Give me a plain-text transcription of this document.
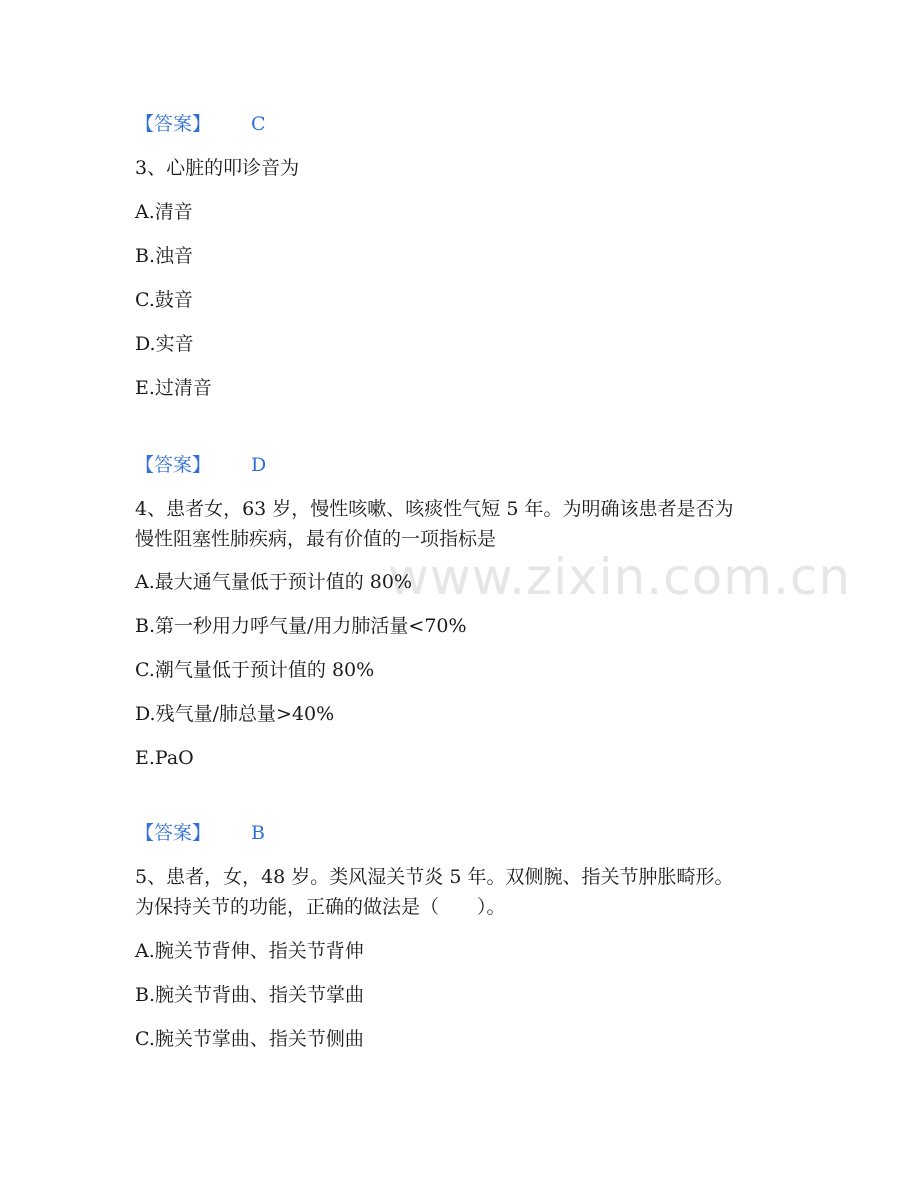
www.zixin.com.cn
【答案】 C
3、心脏的叩诊音为
A.清音
B.浊音
C.鼓音
D.实音
E.过清音
【答案】 D
4、患者女，63 岁，慢性咳嗽、咳痰性气短 5 年。为明确该患者是否为
慢性阻塞性肺疾病，最有价值的一项指标是
A.最大通气量低于预计值的 80%
B.第一秒用力呼气量/用力肺活量<70%
C.潮气量低于预计值的 80%
D.残气量/肺总量>40%
E.PaO
【答案】 B
5、患者，女，48 岁。类风湿关节炎 5 年。双侧腕、指关节肿胀畸形。
为保持关节的功能，正确的做法是（　　）。
A.腕关节背伸、指关节背伸
B.腕关节背曲、指关节掌曲
C.腕关节掌曲、指关节侧曲
